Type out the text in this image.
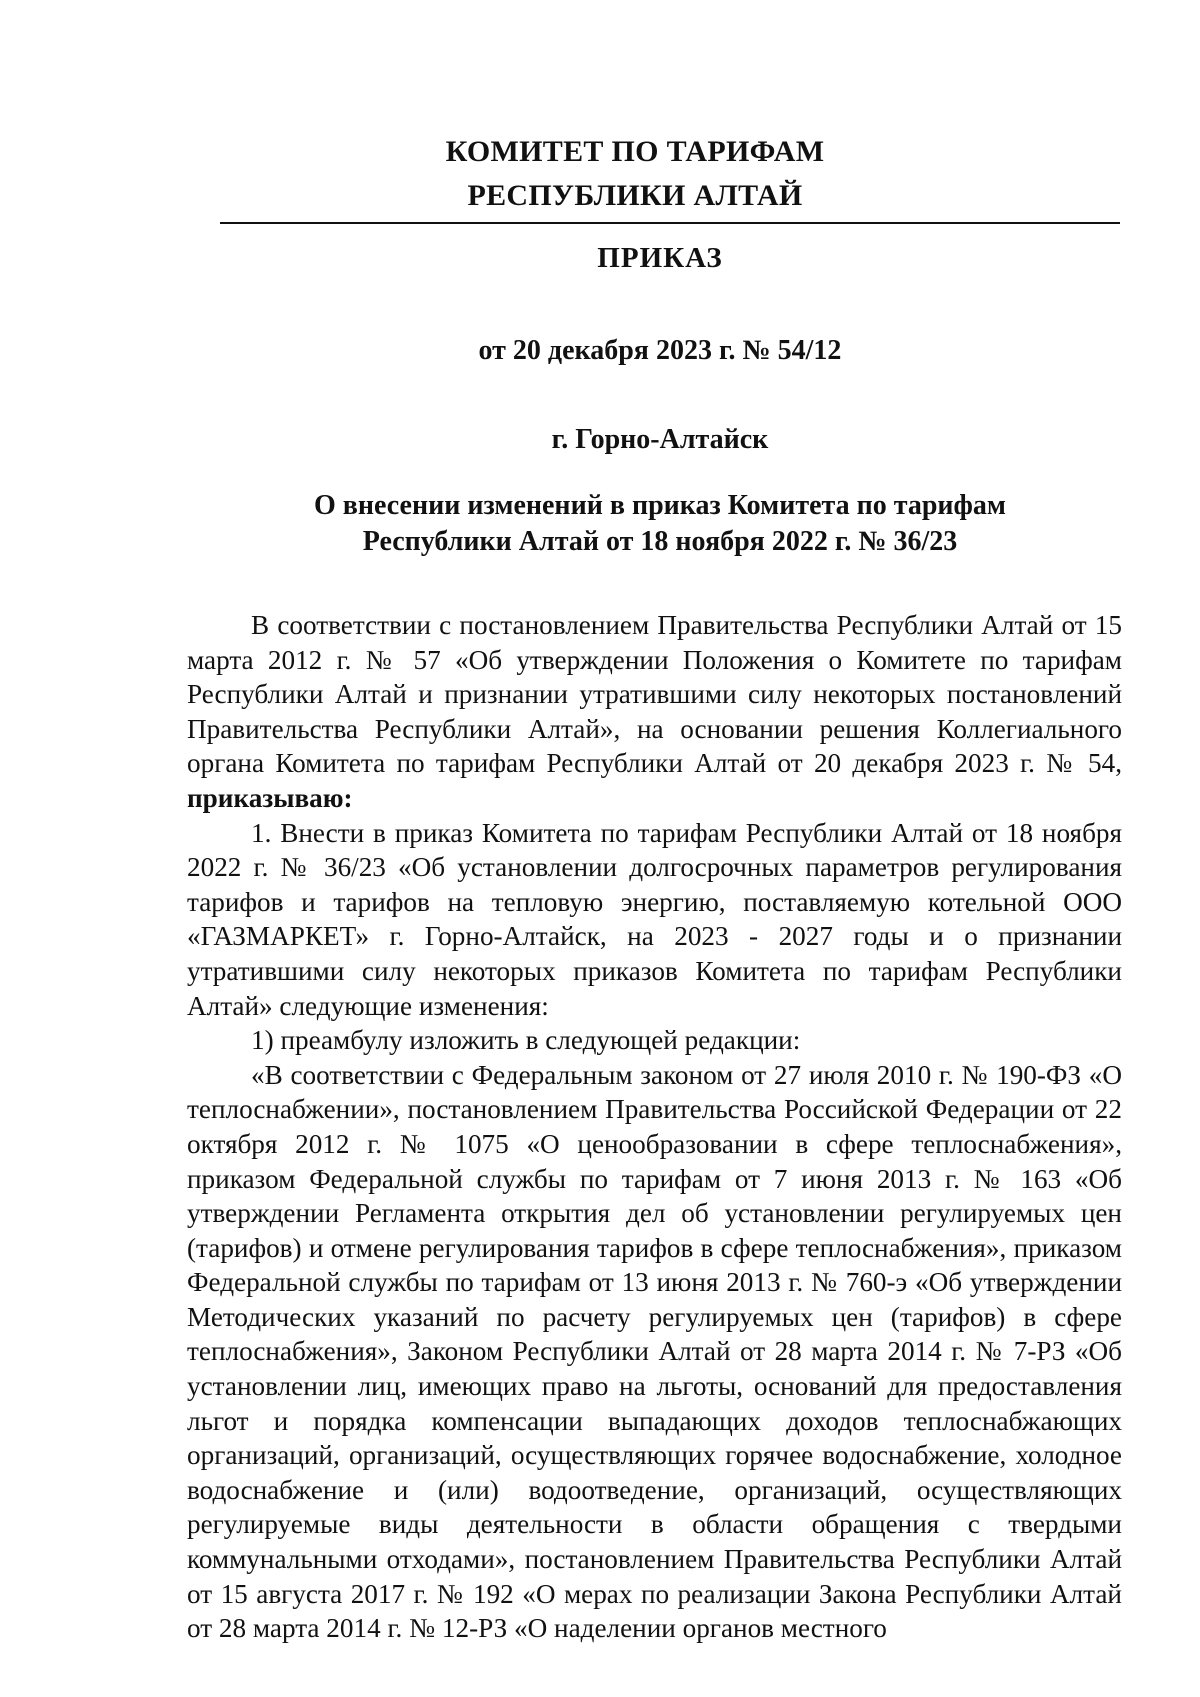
КОМИТЕТ ПО ТАРИФАМ
РЕСПУБЛИКИ АЛТАЙ
ПРИКАЗ
от 20 декабря 2023 г. № 54/12
г. Горно-Алтайск
О внесении изменений в приказ Комитета по тарифам
Республики Алтай от 18 ноября 2022 г. № 36/23

В соответствии с постановлением Правительства Республики Алтай от 15 марта 2012 г. № 57 «Об утверждении Положения о Комитете по тарифам Республики Алтай и признании утратившими силу некоторых постановлений Правительства Республики Алтай», на основании решения Коллегиального органа Комитета по тарифам Республики Алтай от 20 декабря 2023 г. № 54, приказываю:

1. Внести в приказ Комитета по тарифам Республики Алтай от 18 ноября 2022 г. № 36/23 «Об установлении долгосрочных параметров регулирования тарифов и тарифов на тепловую энергию, поставляемую котельной ООО «ГАЗМАРКЕТ» г. Горно-Алтайск, на 2023 - 2027 годы и о признании утратившими силу некоторых приказов Комитета по тарифам Республики Алтай» следующие изменения:

1) преамбулу изложить в следующей редакции:

«В соответствии с Федеральным законом от 27 июля 2010 г. № 190-ФЗ «О теплоснабжении», постановлением Правительства Российской Федерации от 22 октября 2012 г. № 1075 «О ценообразовании в сфере теплоснабжения», приказом Федеральной службы по тарифам от 7 июня 2013 г. № 163 «Об утверждении Регламента открытия дел об установлении регулируемых цен (тарифов) и отмене регулирования тарифов в сфере теплоснабжения», приказом Федеральной службы по тарифам от 13 июня 2013 г. № 760-э «Об утверждении Методических указаний по расчету регулируемых цен (тарифов) в сфере теплоснабжения», Законом Республики Алтай от 28 марта 2014 г. № 7-РЗ «Об установлении лиц, имеющих право на льготы, оснований для предоставления льгот и порядка компенсации выпадающих доходов теплоснабжающих организаций, организаций, осуществляющих горячее водоснабжение, холодное водоснабжение и (или) водоотведение, организаций, осуществляющих регулируемые виды деятельности в области обращения с твердыми коммунальными отходами», постановлением Правительства Республики Алтай от 15 августа 2017 г. № 192 «О мерах по реализации Закона Республики Алтай от 28 марта 2014 г. № 12-РЗ «О наделении органов местного
